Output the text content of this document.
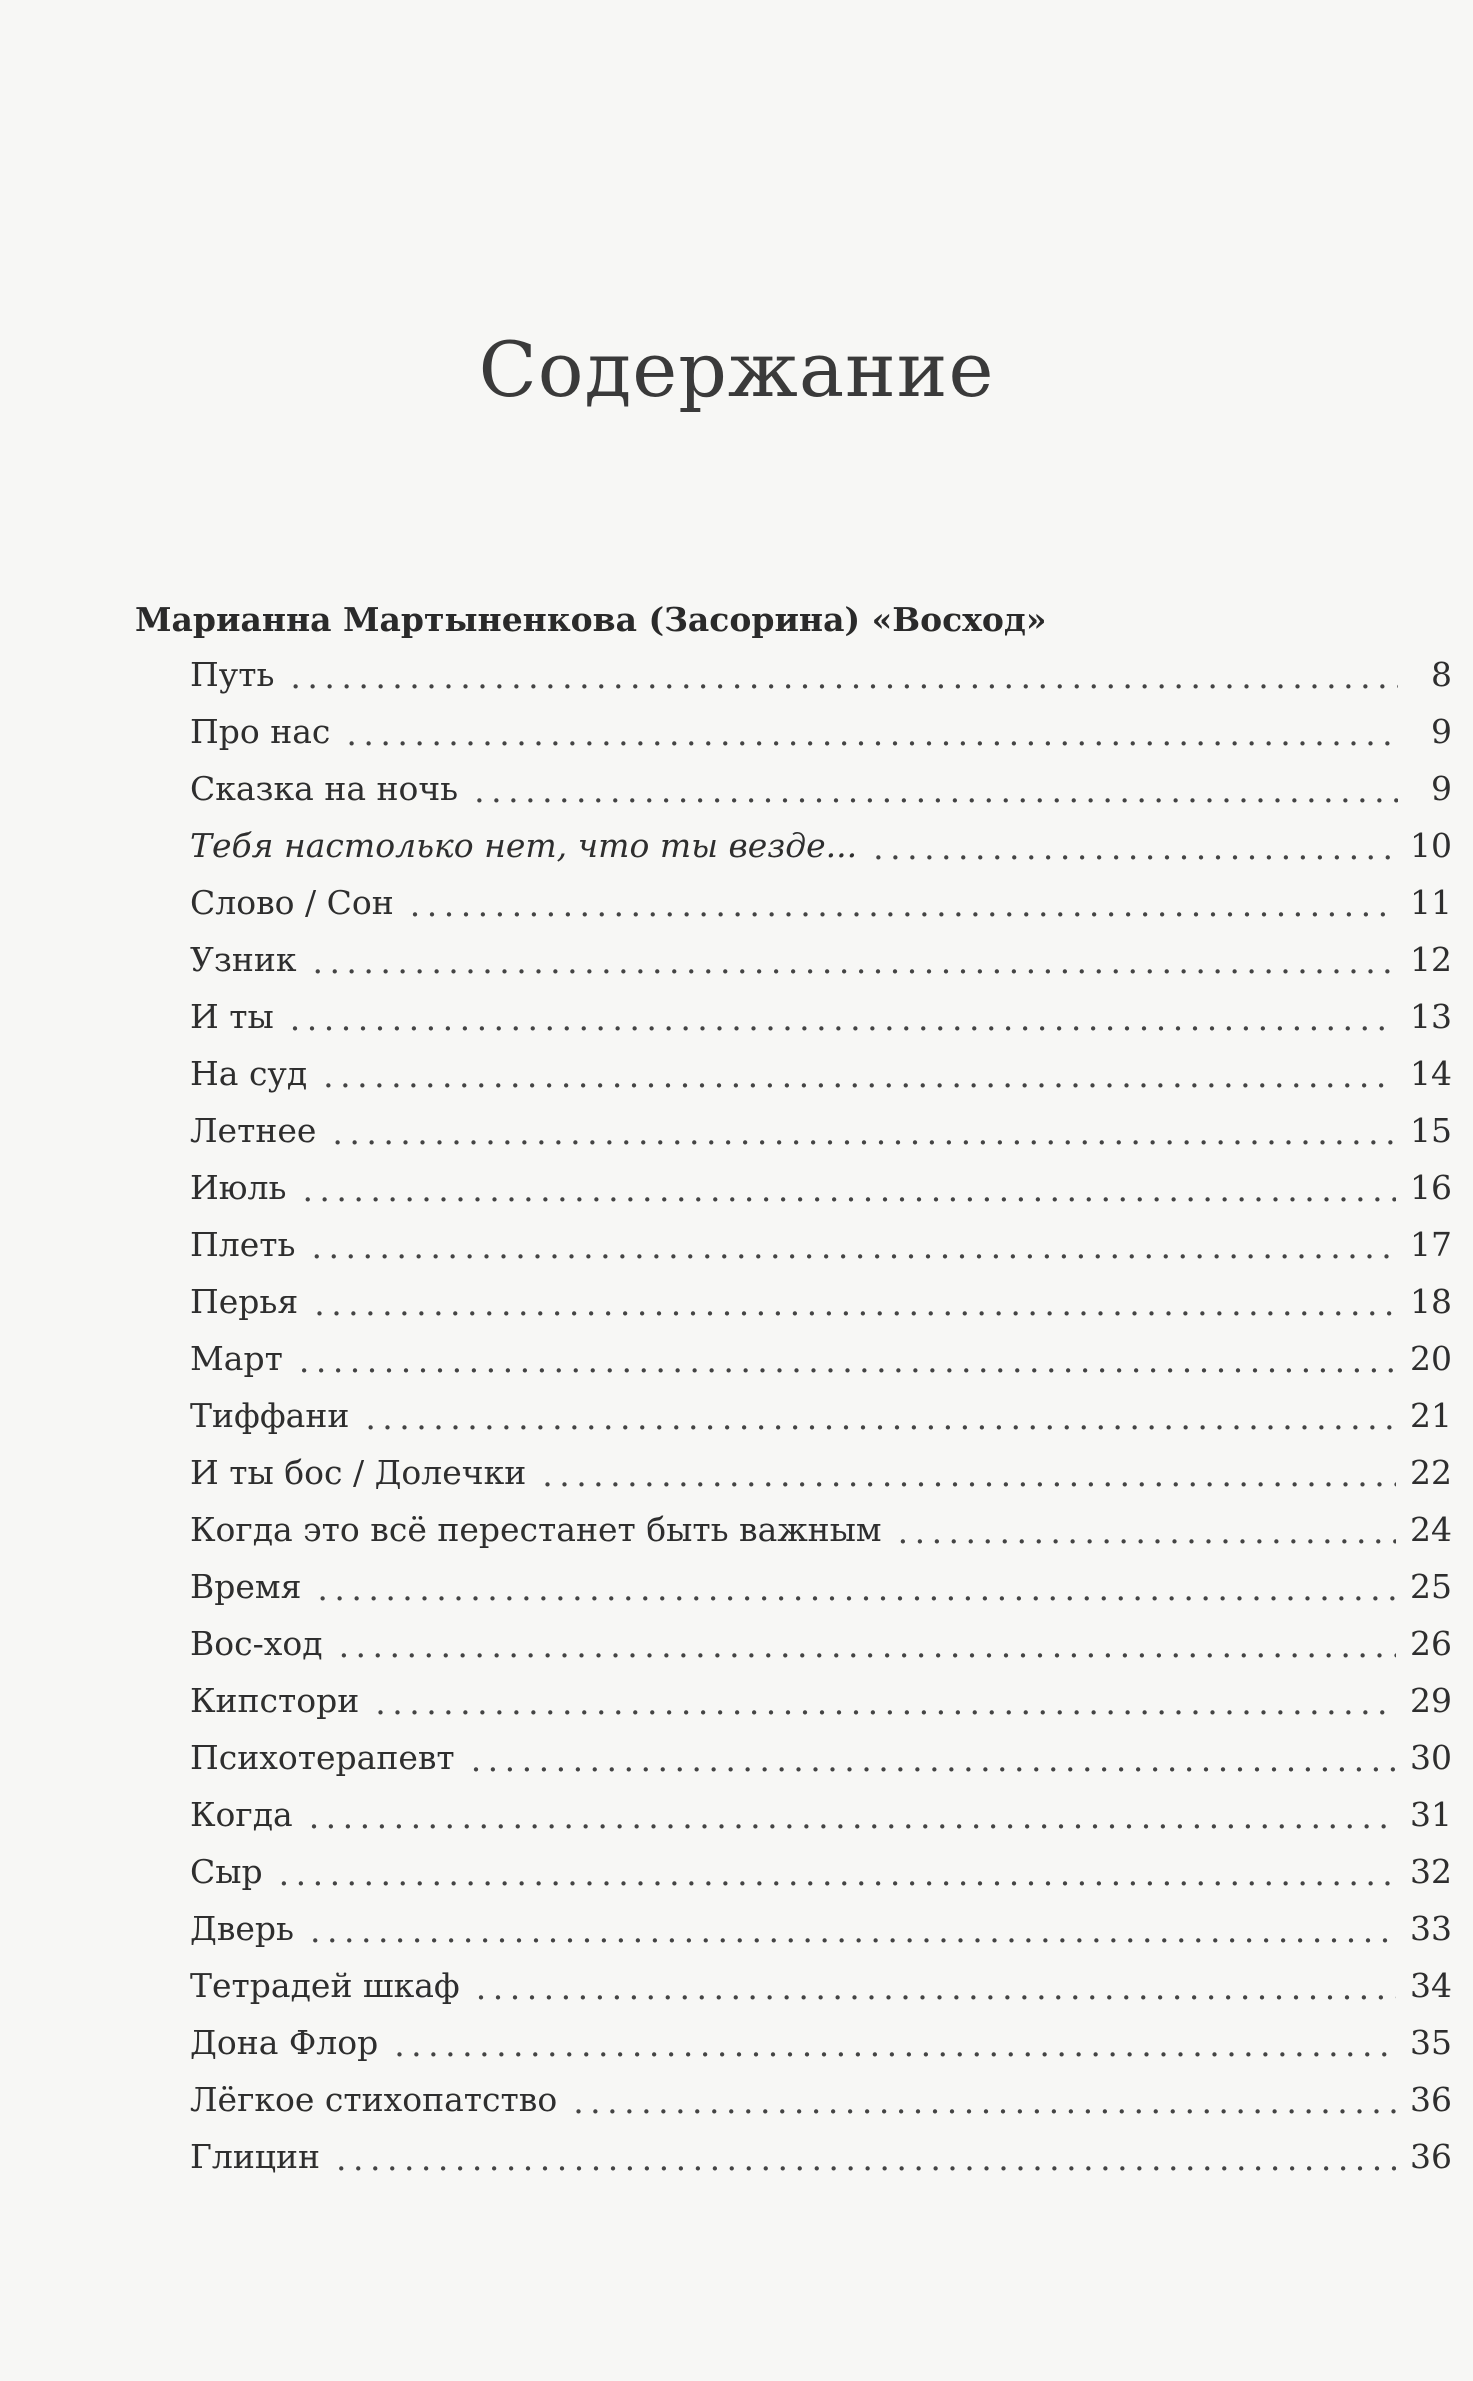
Содержание
Марианна Мартыненкова (Засорина) «Восход»
Путь . . .	8
Про нас . . .	9
Сказка на ночь . . .	9
Тебя настолько нет, что ты везде... . . .	10
Слово / Сон . . .	11
Узник . . .	12
И ты . . .	13
На суд . . .	14
Летнее . . .	15
Июль . . .	16
Плеть . . .	17
Перья . . .	18
Март . . .	20
Тиффани . . .	21
И ты бос / Долечки . . .	22
Когда это всё перестанет быть важным . . .	24
Время . . .	25
Вос-ход . . .	26
Кипстори . . .	29
Психотерапевт . . .	30
Когда . . .	31
Сыр . . .	32
Дверь . . .	33
Тетрадей шкаф . . .	34
Дона Флор . . .	35
Лёгкое стихопатство . . .	36
Глицин . . .	36
